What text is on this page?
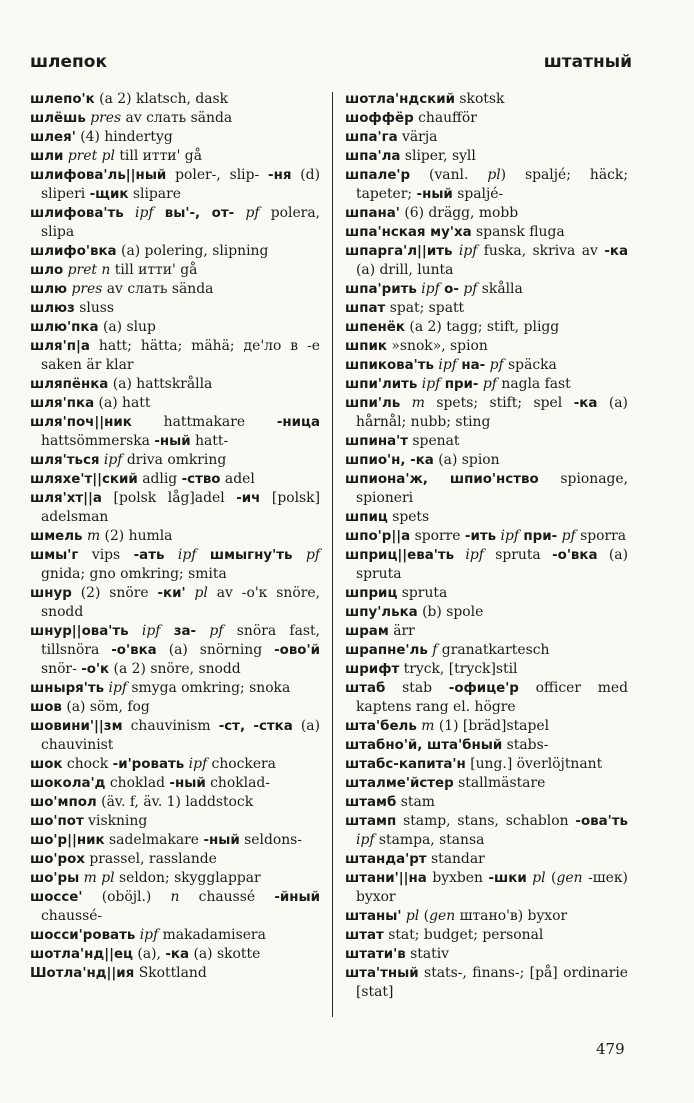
шлепок	штатный
шлепо'к (a 2) klatsch, dask
шлёшь pres av слать sända
шлея' (4) hindertyg
шли pret pl till итти' gå
шлифова'ль||ный poler-, slip- -ня (d) sliperi -щик slipare
шлифова'ть ipf вы'-, от- pf polera, slipa
шлифо'вка (a) polering, slipning
шло pret n till итти' gå
шлю pres av слать sända
шлюз sluss
шлю'пка (a) slup
шля'п|а hatt; hätta; mähä; де'ло в -е saken är klar
шляпёнка (a) hattskrålla
шля'пка (a) hatt
шля'поч||ник hattmakare -ница hattsömmerska -ный hatt-
шля'ться ipf driva omkring
шляхе'т||ский adlig -ство adel
шля'хт||а [polsk låg]adel -ич [polsk] adelsman
шмель m (2) humla
шмы'г vips -ать ipf шмыгну'ть pf gnida; gno omkring; smita
шнур (2) snöre -ки' pl av -о'к snöre, snodd
шнур||ова'ть ipf за- pf snöra fast, tillsnöra -о'вка (a) snörning -ово'й snör- -о'к (a 2) snöre, snodd
шныря'ть ipf smyga omkring; snoka
шов (a) söm, fog
шовини'||зм chauvinism -ст, -стка (a) chauvinist
шок chock -и'ровать ipf chockera
шокола'д choklad -ный choklad-
шо'мпол (äv. f, äv. 1) laddstock
шо'пот viskning
шо'р||ник sadelmakare -ный seldons-
шо'рох prassel, rasslande
шо'ры m pl seldon; skygglappar
шоссе' (oböjl.) n chaussé -йный chaussé-
шосси'ровать ipf makadamisera
шотла'нд||ец (a), -ка (a) skotte
Шотла'нд||ия Skottland
шотла'ндский skotsk
шоффёр chaufför
шпа'га värja
шпа'ла sliper, syll
шпале'р (vanl. pl) spaljé; häck; tapeter; -ный spaljé-
шпана' (6) drägg, mobb
шпа'нская му'ха spansk fluga
шпарга'л||ить ipf fuska, skriva av -ка (a) drill, lunta
шпа'рить ipf о- pf skålla
шпат spat; spatt
шпенёк (a 2) tagg; stift, pligg
шпик »snok», spion
шпикова'ть ipf на- pf späcka
шпи'лить ipf при- pf nagla fast
шпи'ль m spets; stift; spel -ка (a) hårnål; nubb; sting
шпина'т spenat
шпио'н, -ка (a) spion
шпиона'ж, шпио'нство spionage, spioneri
шпиц spets
шпо'р||а sporre -ить ipf при- pf sporra
шприц||ева'ть ipf spruta -о'вка (a) spruta
шприц spruta
шпу'лька (b) spole
шрам ärr
шрапне'ль f granatkartesch
шрифт tryck, [tryck]stil
штаб stab -офице'р officer med kaptens rang el. högre
шта'бель m (1) [bräd]stapel
штабно'й, шта'бный stabs-
штабс-капита'н [ung.] överlöjtnant
шталме'йстер stallmästare
штамб stam
штамп stamp, stans, schablon -ова'ть ipf stampa, stansa
штанда'рт standar
штани'||на byxben -шки pl (gen -шек) byxor
штаны' pl (gen штано'в) byxor
штат stat; budget; personal
штати'в stativ
шта'тный stats-, finans-; [på] ordinarie [stat]
479
